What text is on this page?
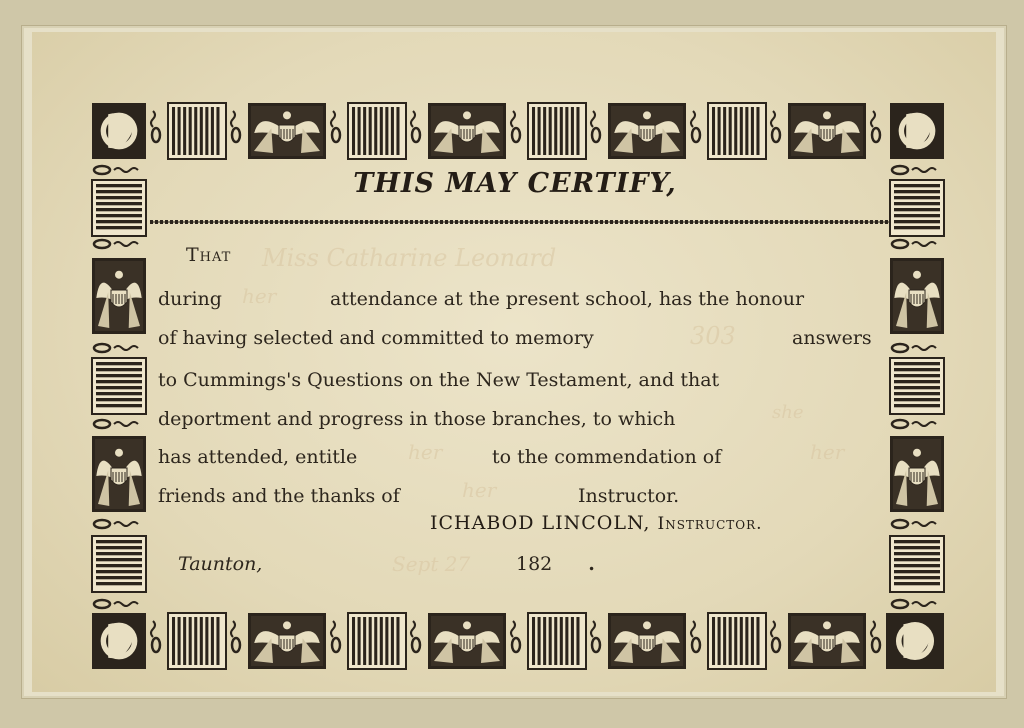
THIS MAY CERTIFY,
Miss Catharine Leonard
her
303
she
her	her
her
Sept 27
That
during	attendance at the present school, has the honour
of having selected and committed to memory	answers
to Cummings's Questions on the New Testament, and that
deportment and progress in those branches, to which
has attended, entitle	to the commendation of
friends and the thanks of	Instructor.
ICHABOD LINCOLN, Instructor.
Taunton,	182 .
